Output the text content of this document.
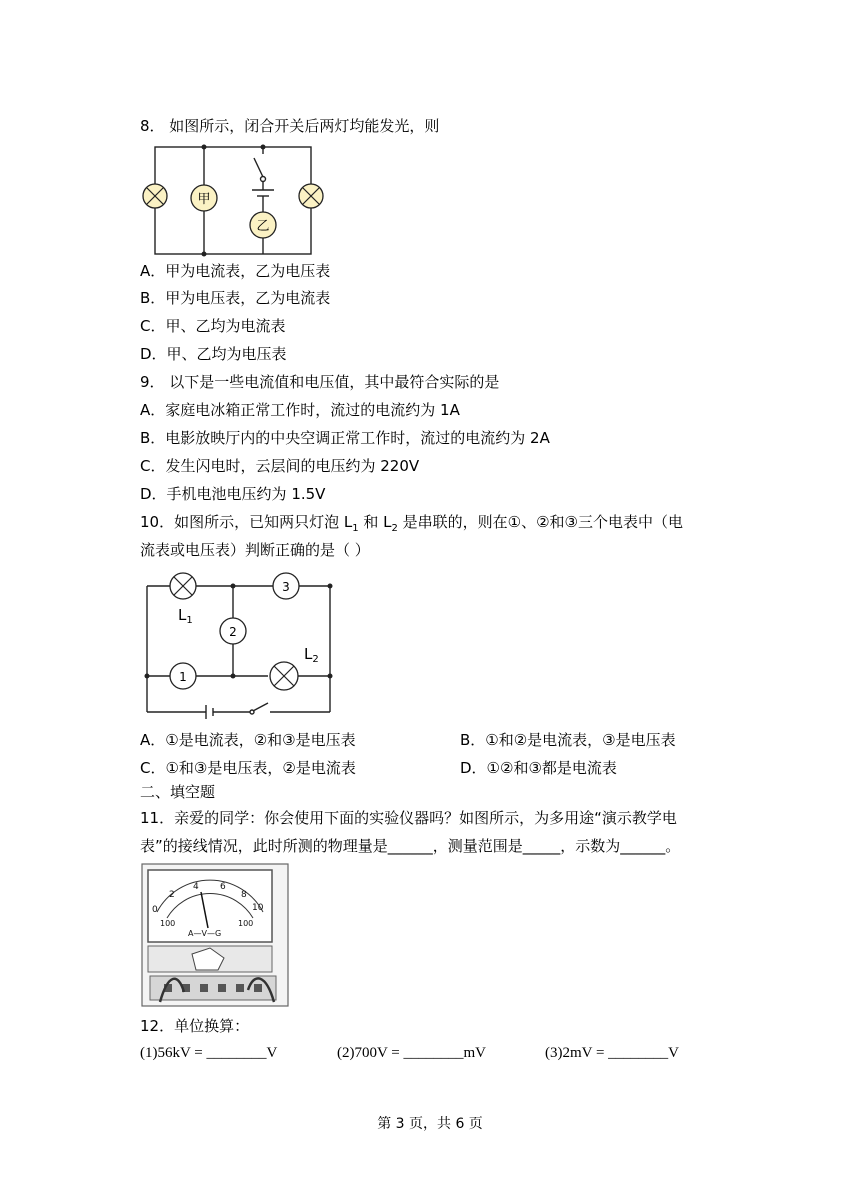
8． 如图所示，闭合开关后两灯均能发光，则
甲
乙
A．甲为电流表，乙为电压表
B．甲为电压表，乙为电流表
C．甲、乙均为电流表
D．甲、乙均为电压表
9． 以下是一些电流值和电压值，其中最符合实际的是
A．家庭电冰箱正常工作时，流过的电流约为 1A
B．电影放映厅内的中央空调正常工作时，流过的电流约为 2A
C．发生闪电时，云层间的电压约为 220V
D．手机电池电压约为 1.5V
10．如图所示，已知两只灯泡 $L_1$ 和 $L_2$ 是串联的，则在①、②和③三个电表中（电
流表或电压表）判断正确的是（ ）
$L_1$
$L_2$
3
2
1
A．①是电流表，②和③是电压表	B．①和②是电流表，③是电压表
C．①和③是电压表，②是电流表	D．①②和③都是电流表
二、填空题
11．亲爱的同学：你会使用下面的实验仪器吗？如图所示，为多用途“演示教学电
表”的接线情况，此时所测的物理量是______，测量范围是_____，示数为______。
0
2
4 6
8
10
100	100
A—V—G
12．单位换算：
(1)56kV = ________V	(2)700V = ________mV	(3)2mV = ________V
第 3 页，共 6 页
